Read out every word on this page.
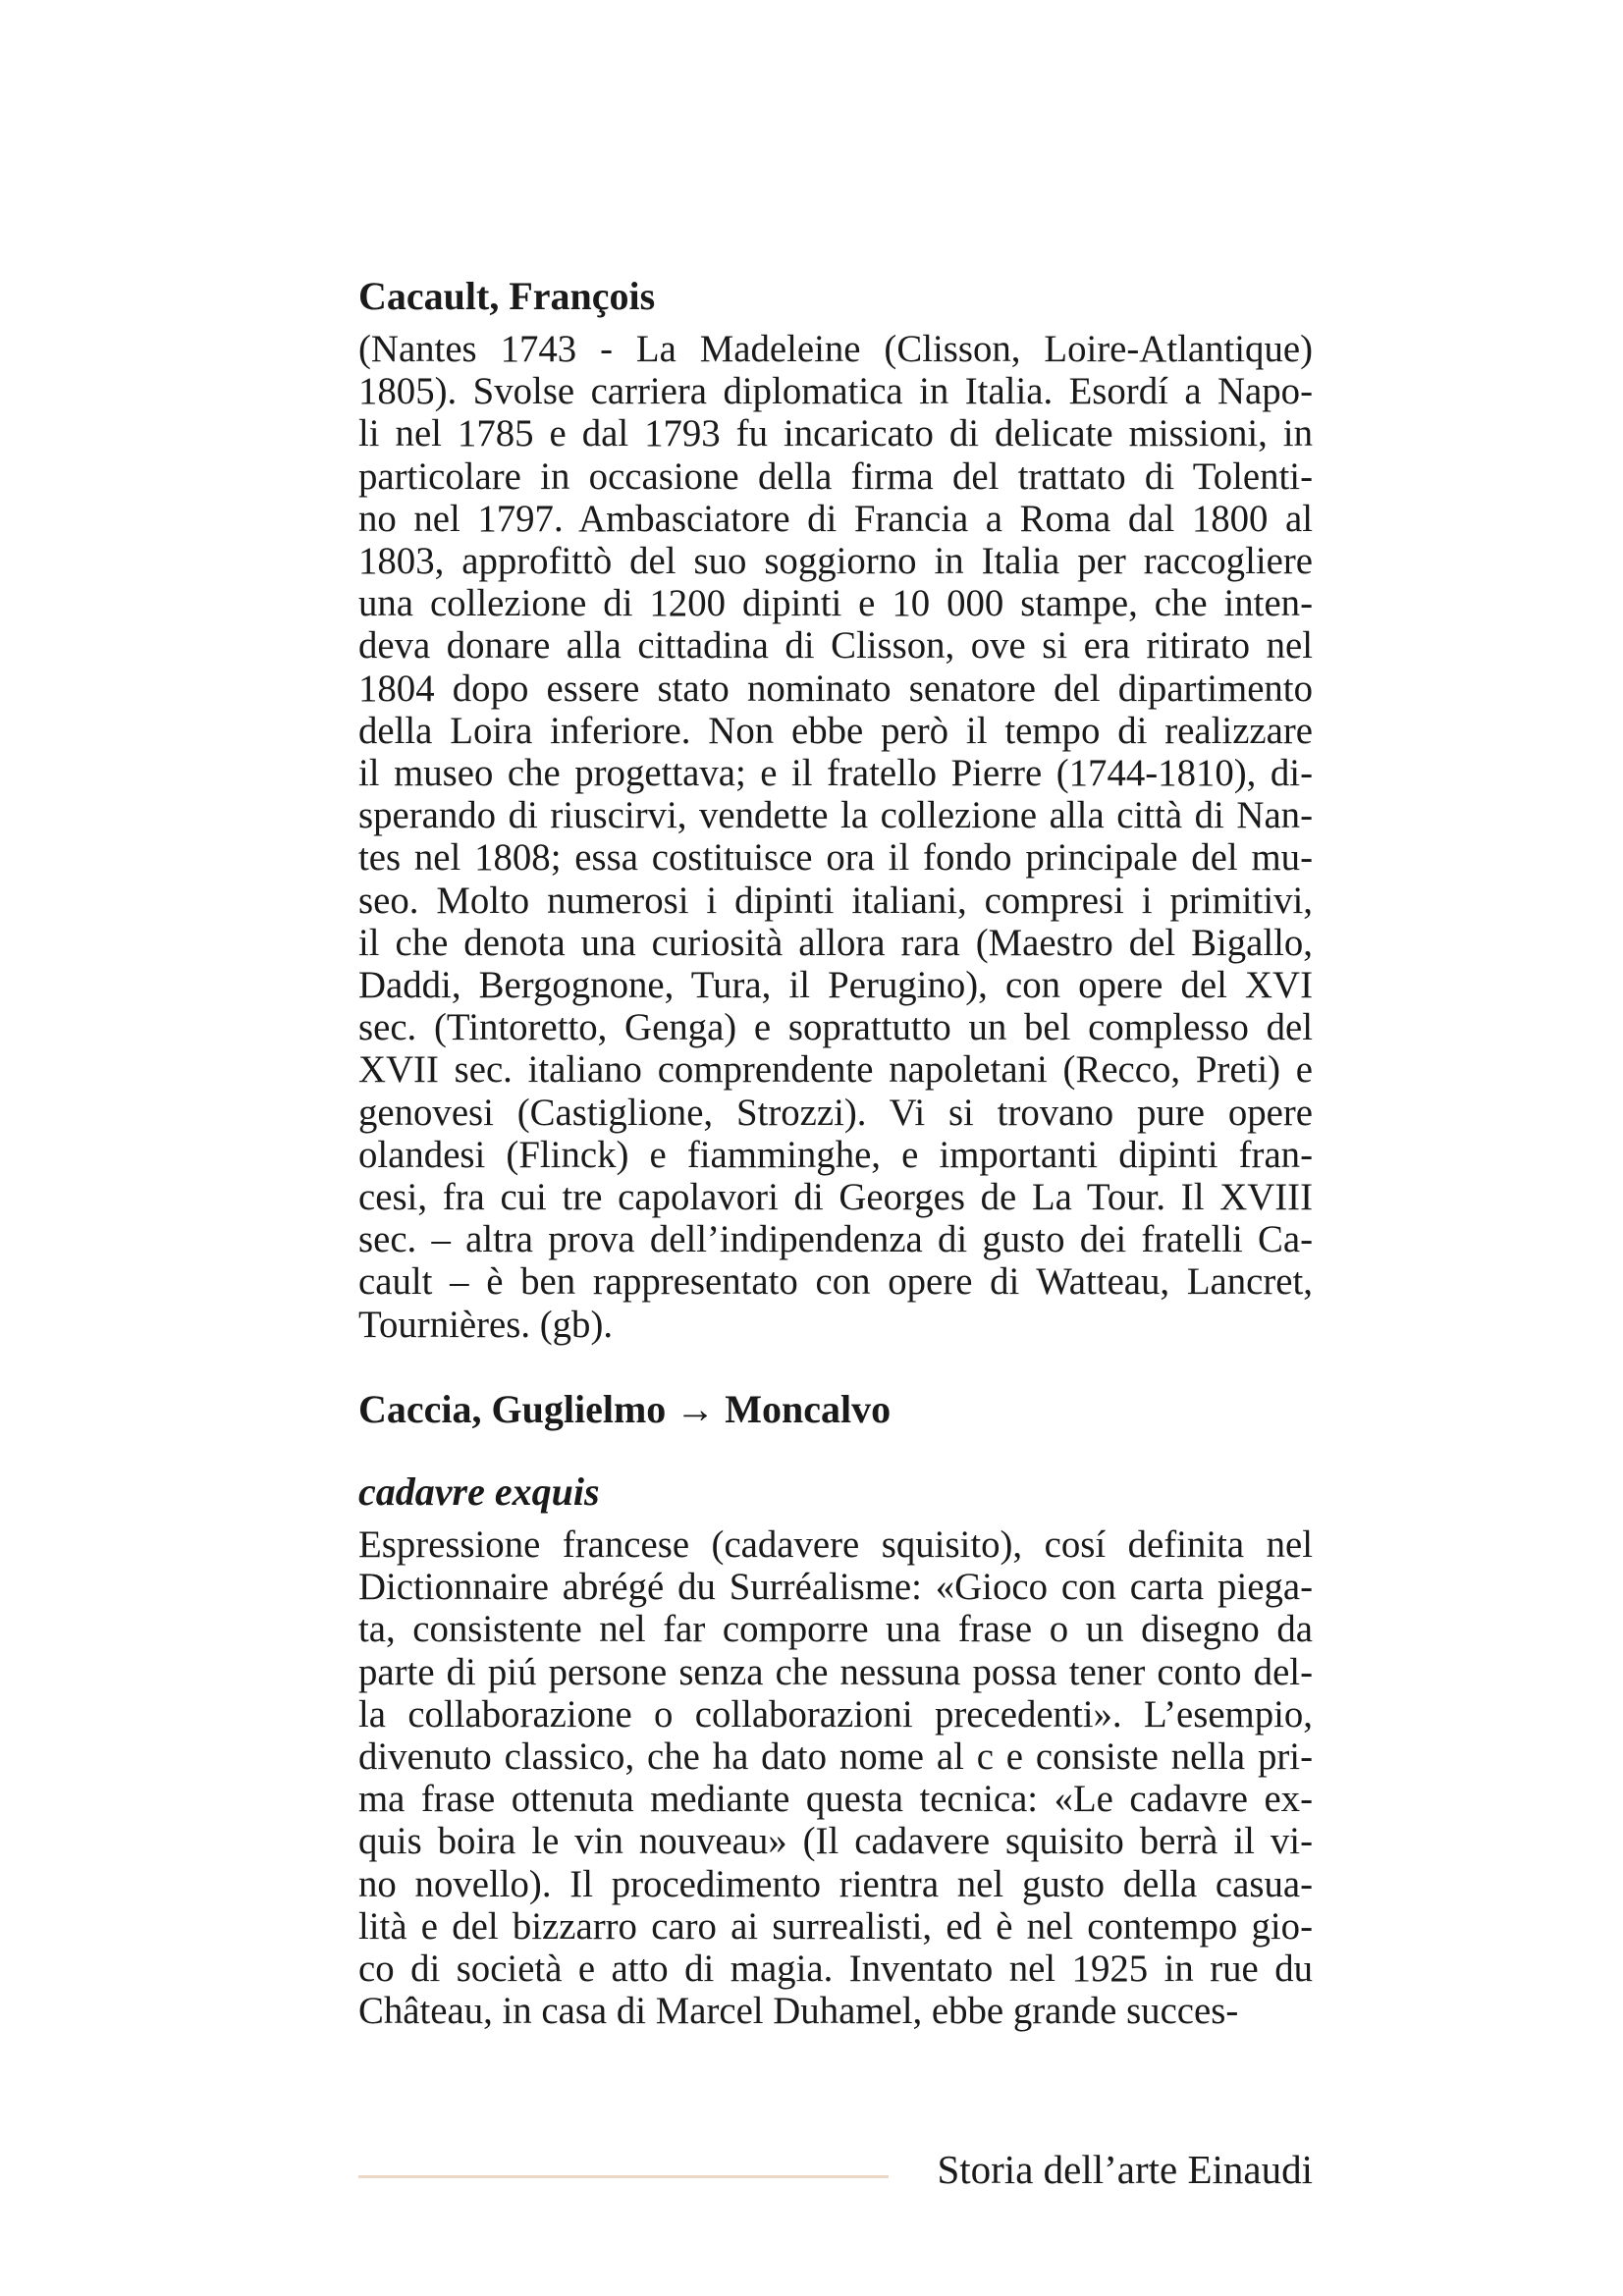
Cacault, François

(Nantes 1743 - La Madeleine (Clisson, Loire-Atlantique)

1805). Svolse carriera diplomatica in Italia. Esordí a Napo-

li nel 1785 e dal 1793 fu incaricato di delicate missioni, in

particolare in occasione della firma del trattato di Tolenti-

no nel 1797. Ambasciatore di Francia a Roma dal 1800 al

1803, approfittò del suo soggiorno in Italia per raccogliere

una collezione di 1200 dipinti e 10 000 stampe, che inten-

deva donare alla cittadina di Clisson, ove si era ritirato nel

1804 dopo essere stato nominato senatore del dipartimento

della Loira inferiore. Non ebbe però il tempo di realizzare

il museo che progettava; e il fratello Pierre (1744-1810), di-

sperando di riuscirvi, vendette la collezione alla città di Nan-

tes nel 1808; essa costituisce ora il fondo principale del mu-

seo. Molto numerosi i dipinti italiani, compresi i primitivi,

il che denota una curiosità allora rara (Maestro del Bigallo,

Daddi, Bergognone, Tura, il Perugino), con opere del XVI

sec. (Tintoretto, Genga) e soprattutto un bel complesso del

XVII sec. italiano comprendente napoletani (Recco, Preti) e

genovesi (Castiglione, Strozzi). Vi si trovano pure opere

olandesi (Flinck) e fiamminghe, e importanti dipinti fran-

cesi, fra cui tre capolavori di Georges de La Tour. Il XVIII

sec. – altra prova dell’indipendenza di gusto dei fratelli Ca-

cault – è ben rappresentato con opere di Watteau, Lancret,

Tournières. (gb).

Caccia, Guglielmo → Moncalvo
cadavre exquis

Espressione francese (cadavere squisito), cosí definita nel

Dictionnaire abrégé du Surréalisme: «Gioco con carta piega-

ta, consistente nel far comporre una frase o un disegno da

parte di piú persone senza che nessuna possa tener conto del-

la collaborazione o collaborazioni precedenti». L’esempio,

divenuto classico, che ha dato nome al c e consiste nella pri-

ma frase ottenuta mediante questa tecnica: «Le cadavre ex-

quis boira le vin nouveau» (Il cadavere squisito berrà il vi-

no novello). Il procedimento rientra nel gusto della casua-

lità e del bizzarro caro ai surrealisti, ed è nel contempo gio-

co di società e atto di magia. Inventato nel 1925 in rue du

Château, in casa di Marcel Duhamel, ebbe grande succes-

Storia dell’arte Einaudi
